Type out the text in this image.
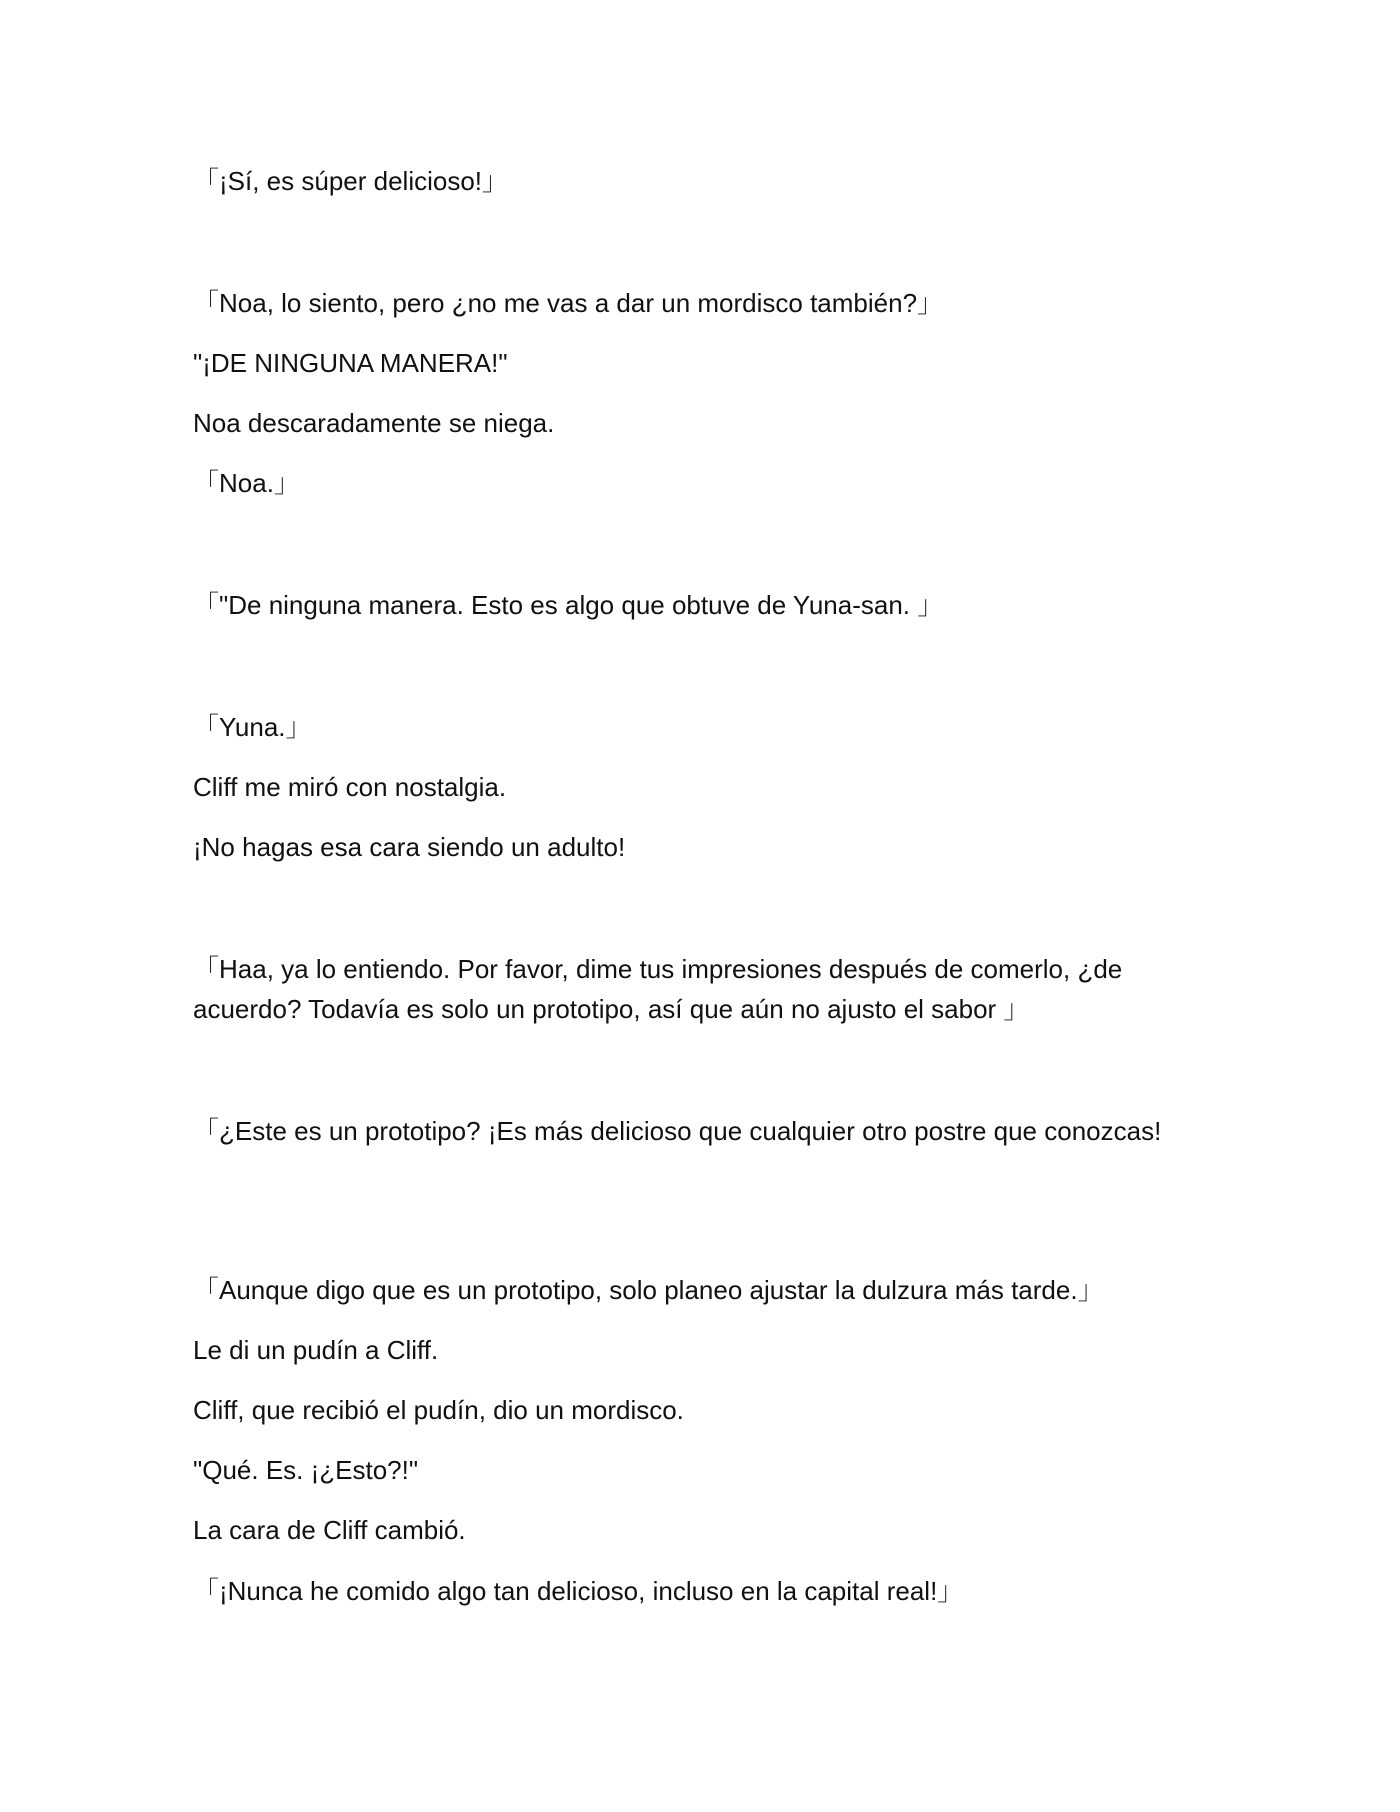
「¡Sí, es súper delicioso!」

「Noa, lo siento, pero ¿no me vas a dar un mordisco también?」

"¡DE NINGUNA MANERA!"

Noa descaradamente se niega.

「Noa.」

「"De ninguna manera. Esto es algo que obtuve de Yuna-san. 」

「Yuna.」

Cliff me miró con nostalgia.

¡No hagas esa cara siendo un adulto!

「Haa, ya lo entiendo. Por favor, dime tus impresiones después de comerlo, ¿de acuerdo? Todavía es solo un prototipo, así que aún no ajusto el sabor 」

「¿Este es un prototipo? ¡Es más delicioso que cualquier otro postre que conozcas!

「Aunque digo que es un prototipo, solo planeo ajustar la dulzura más tarde.」

Le di un pudín a Cliff.

Cliff, que recibió el pudín, dio un mordisco.

"Qué. Es. ¡¿Esto?!"

La cara de Cliff cambió.

「¡Nunca he comido algo tan delicioso, incluso en la capital real!」
